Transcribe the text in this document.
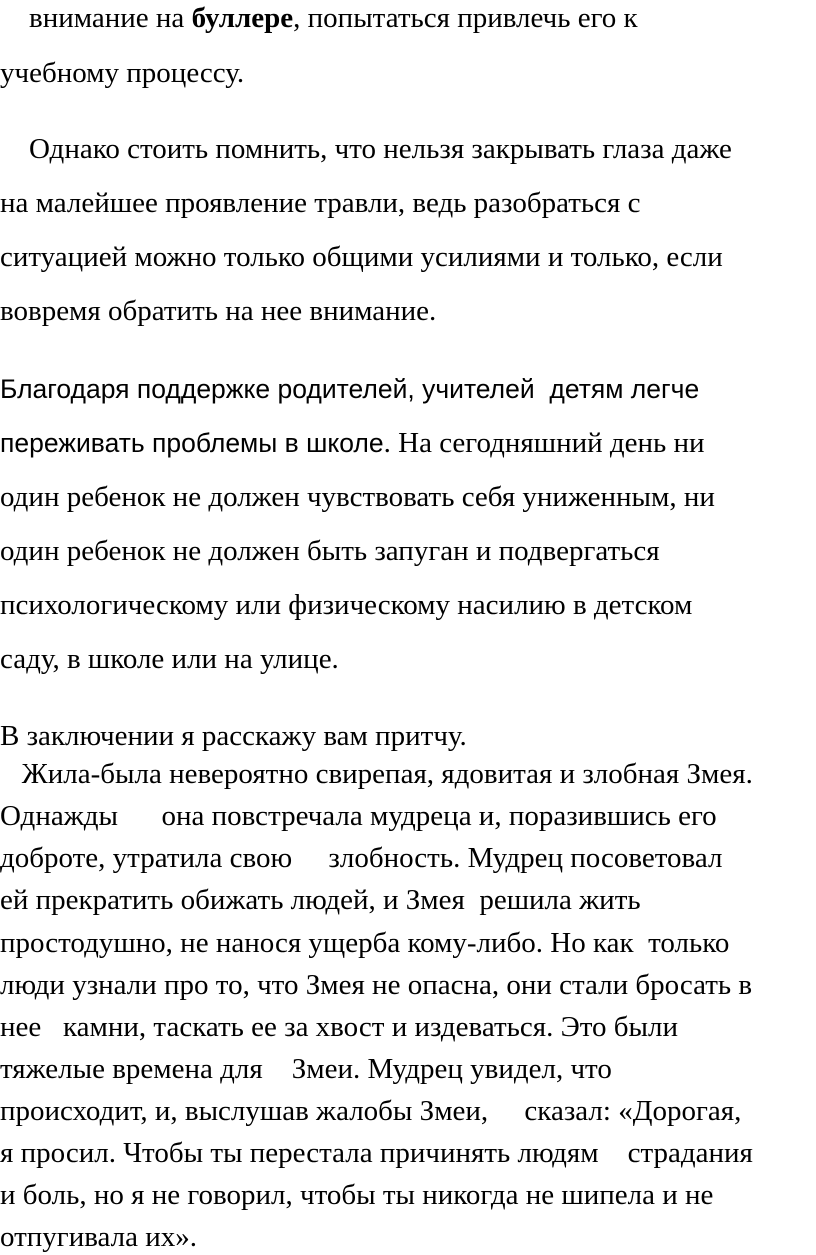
внимание на буллере, попытаться привлечь его к
учебному процессу.
Однако стоить помнить, что нельзя закрывать глаза даже
на малейшее проявление травли, ведь разобраться с
ситуацией можно только общими усилиями и только, если
вовремя обратить на нее внимание.
Благодаря поддержке родителей, учителей  детям легче
переживать проблемы в школе. На сегодняшний день ни
один ребенок не должен чувствовать себя униженным, ни
один ребенок не должен быть запуган и подвергаться
психологическому или физическому насилию в детском
саду, в школе или на улице.
В заключении я расскажу вам притчу.
Жила-была невероятно свирепая, ядовитая и злобная Змея.
Однажды      она повстречала мудреца и, поразившись его
доброте, утратила свою     злобность. Мудрец посоветовал
ей прекратить обижать людей, и Змея  решила жить
простодушно, не нанося ущерба кому-либо. Но как  только
люди узнали про то, что Змея не опасна, они стали бросать в
нее   камни, таскать ее за хвост и издеваться. Это были
тяжелые времена для    Змеи. Мудрец увидел, что
происходит, и, выслушав жалобы Змеи,     сказал: «Дорогая,
я просил. Чтобы ты перестала причинять людям    страдания
и боль, но я не говорил, чтобы ты никогда не шипела и не
отпугивала их».
